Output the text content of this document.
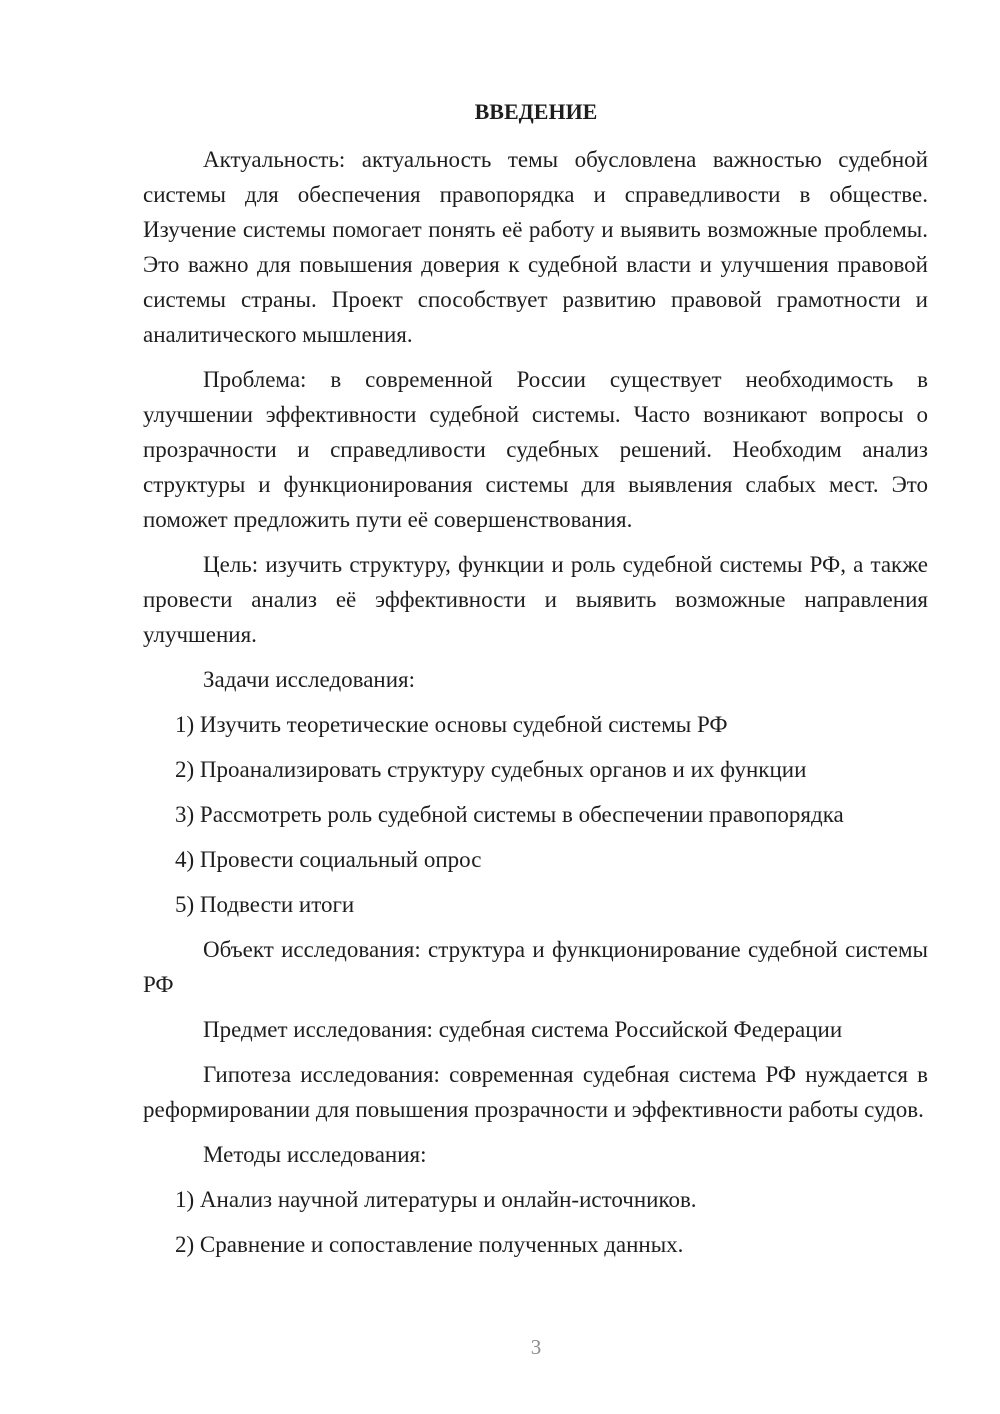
ВВЕДЕНИЕ

Актуальность: актуальность темы обусловлена важностью судебной системы для обеспечения правопорядка и справедливости в обществе. Изучение системы помогает понять её работу и выявить возможные проблемы. Это важно для повышения доверия к судебной власти и улучшения правовой системы страны. Проект способствует развитию правовой грамотности и аналитического мышления.

Проблема: в современной России существует необходимость в улучшении эффективности судебной системы. Часто возникают вопросы о прозрачности и справедливости судебных решений. Необходим анализ структуры и функционирования системы для выявления слабых мест. Это поможет предложить пути её совершенствования.

Цель: изучить структуру, функции и роль судебной системы РФ, а также провести анализ её эффективности и выявить возможные направления улучшения.

Задачи исследования:

1) Изучить теоретические основы судебной системы РФ
2) Проанализировать структуру судебных органов и их функции
3) Рассмотреть роль судебной системы в обеспечении правопорядка
4) Провести социальный опрос
5) Подвести итоги

Объект исследования: структура и функционирование судебной системы РФ

Предмет исследования: судебная система Российской Федерации

Гипотеза исследования: современная судебная система РФ нуждается в реформировании для повышения прозрачности и эффективности работы судов.

Методы исследования:

1) Анализ научной литературы и онлайн-источников.
2) Сравнение и сопоставление полученных данных.
3
